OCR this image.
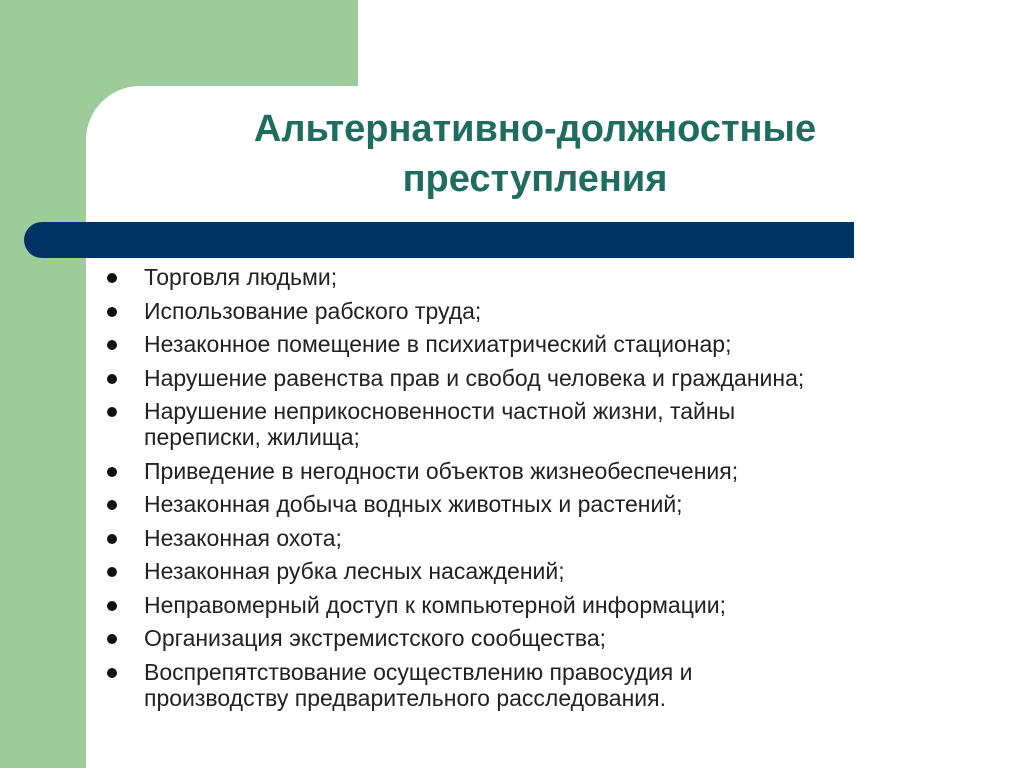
Альтернативно-должностные
преступления
Торговля людьми;
Использование рабского труда;
Незаконное помещение в психиатрический стационар;
Нарушение равенства прав и свобод человека и гражданина;
Нарушение неприкосновенности частной жизни, тайны
переписки, жилища;
Приведение в негодности объектов жизнеобеспечения;
Незаконная добыча водных животных и растений;
Незаконная охота;
Незаконная рубка лесных насаждений;
Неправомерный доступ к компьютерной информации;
Организация экстремистского сообщества;
Воспрепятствование осуществлению правосудия и
производству предварительного расследования.
